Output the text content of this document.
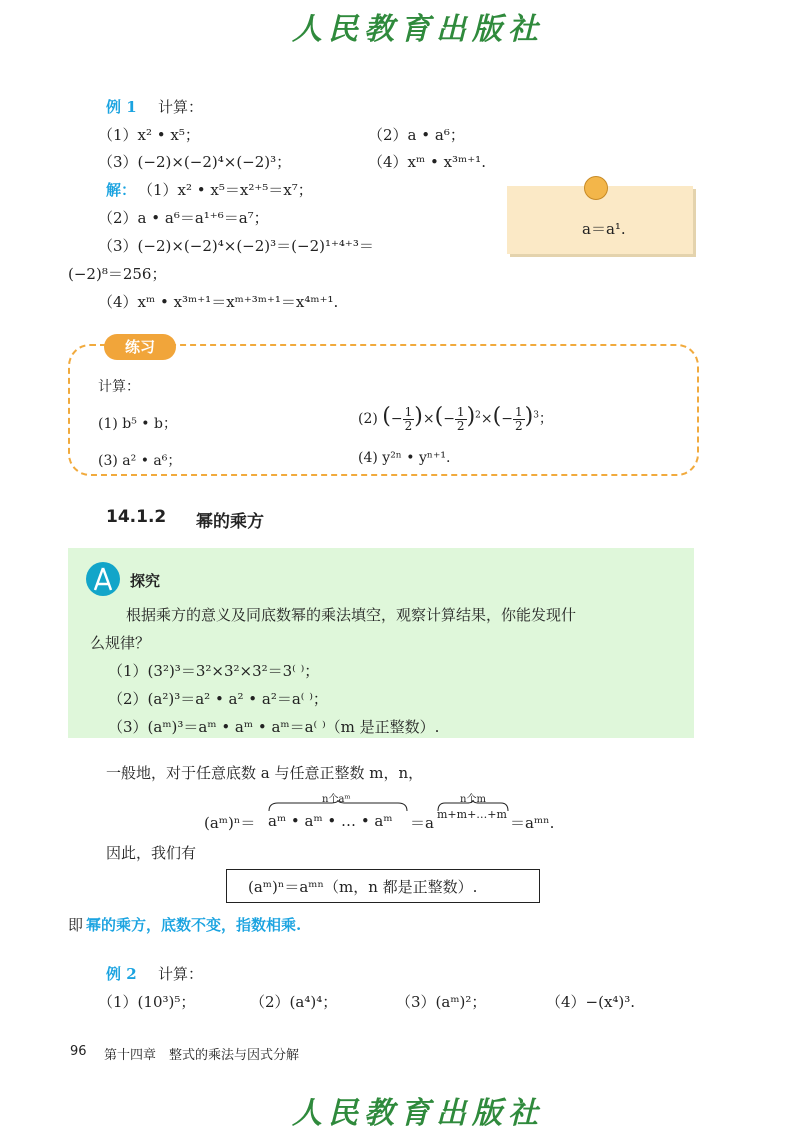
人民教育出版社
例 1 计算：
（1）x² • x⁵；	（2）a • a⁶；
（3）(−2)×(−2)⁴×(−2)³；	（4）xᵐ • x³ᵐ⁺¹.
解： （1）x² • x⁵＝x²⁺⁵＝x⁷；
（2）a • a⁶＝a¹⁺⁶＝a⁷；
（3）(−2)×(−2)⁴×(−2)³＝(−2)¹⁺⁴⁺³＝
(−2)⁸＝256；
（4）xᵐ • x³ᵐ⁺¹＝xᵐ⁺³ᵐ⁺¹＝x⁴ᵐ⁺¹.
a＝a¹.
练习
计算：
(1) b⁵ • b；	(2) (− $\frac{1}{2}$ )×(− $\frac{1}{2} )^2\times(- \frac{1}{2} )^3$；
(3) a² • a⁶；	(4) y²ⁿ • yⁿ⁺¹.
14.1.2 幂的乘方
探究
根据乘方的意义及同底数幂的乘法填空，观察计算结果，你能发现什
么规律？
（1）(3²)³＝3²×3²×3²＝3⁽ ⁾；
（2）(a²)³＝a² • a² • a²＝a⁽ ⁾；
（3）(aᵐ)³＝aᵐ • aᵐ • aᵐ＝a⁽ ⁾（m 是正整数）.
一般地，对于任意底数 a 与任意正整数 m，n，
n个aᵐ	n个m
(aᵐ)ⁿ＝ aᵐ • aᵐ • … • aᵐ ＝a m+m+…+m ＝aᵐⁿ.
因此，我们有
(aᵐ)ⁿ＝aᵐⁿ（m，n 都是正整数）.
即 幂的乘方，底数不变，指数相乘.
例 2 计算：
（1）(10³)⁵；	（2）(a⁴)⁴；	（3）(aᵐ)²；	（4）−(x⁴)³.
96 第十四章　整式的乘法与因式分解
人民教育出版社
